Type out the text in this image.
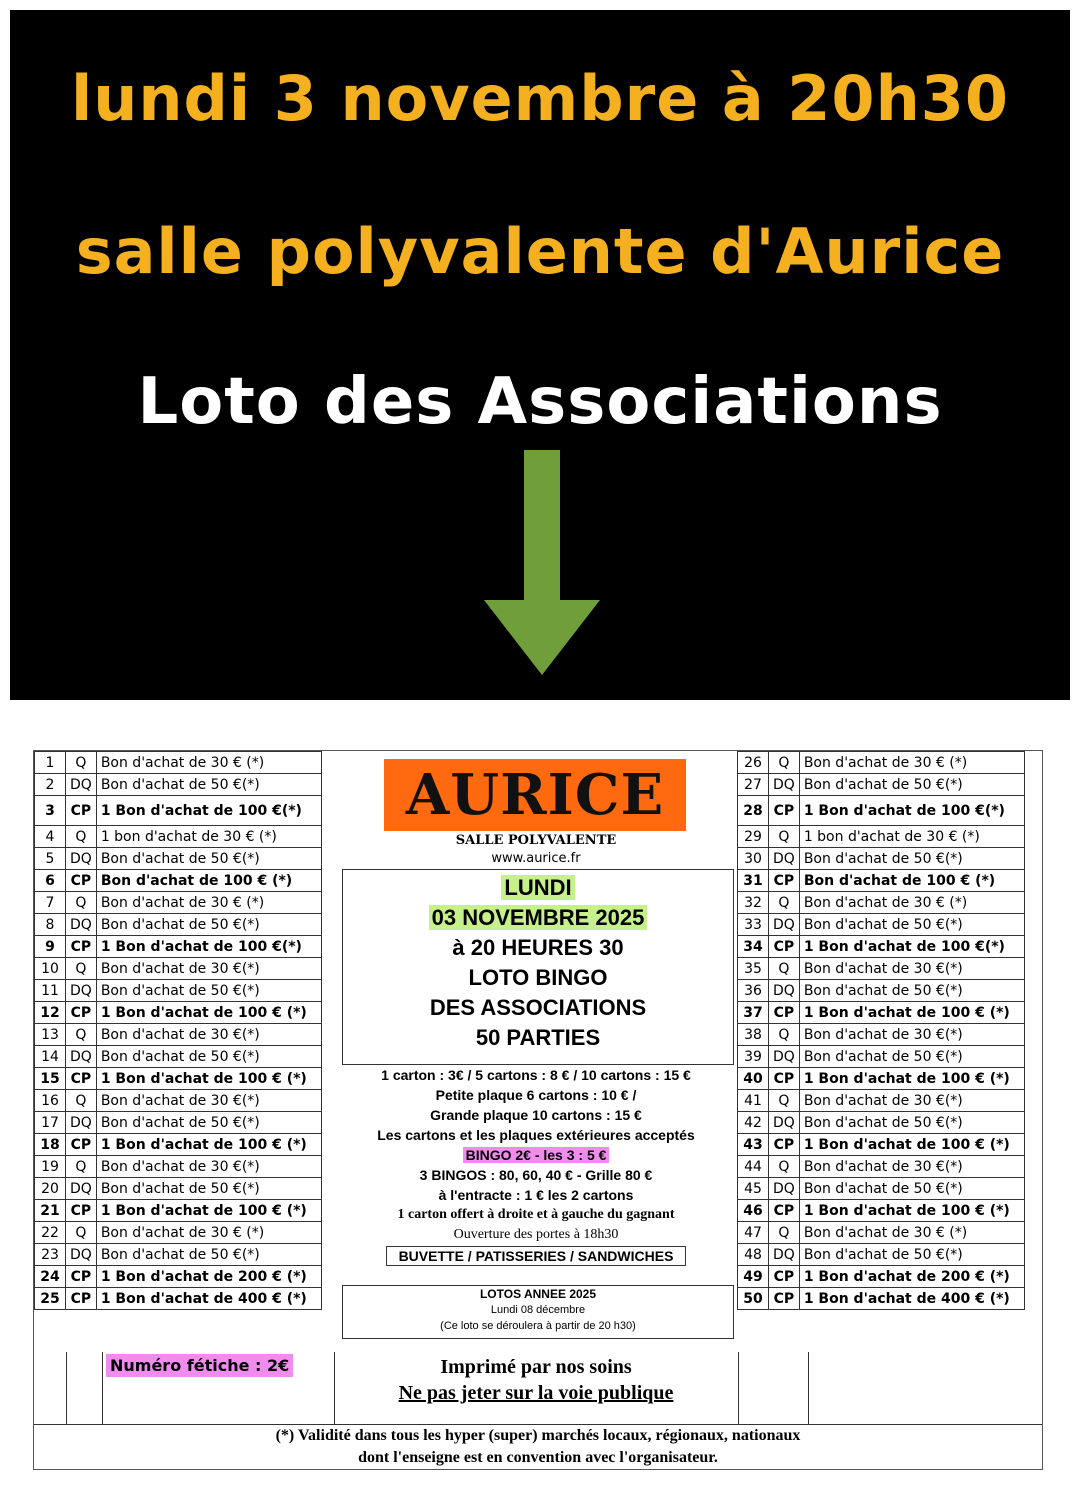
lundi 3 novembre à 20h30
salle polyvalente d'Aurice
Loto des Associations
1	Q	Bon d'achat de 30 € (*)
2	DQ	Bon d'achat de 50 €(*)
3	CP	1 Bon d'achat de 100 €(*)
4	Q	1 bon d'achat de 30 € (*)
5	DQ	Bon d'achat de 50 €(*)
6	CP	Bon d'achat de 100 € (*)
7	Q	Bon d'achat de 30 € (*)
8	DQ	Bon d'achat de 50 €(*)
9	CP	1 Bon d'achat de 100 €(*)
10	Q	Bon d'achat de 30 €(*)
11	DQ	Bon d'achat de 50 €(*)
12	CP	1 Bon d'achat de 100 € (*)
13	Q	Bon d'achat de 30 €(*)
14	DQ	Bon d'achat de 50 €(*)
15	CP	1 Bon d'achat de 100 € (*)
16	Q	Bon d'achat de 30 €(*)
17	DQ	Bon d'achat de 50 €(*)
18	CP	1 Bon d'achat de 100 € (*)
19	Q	Bon d'achat de 30 €(*)
20	DQ	Bon d'achat de 50 €(*)
21	CP	1 Bon d'achat de 100 € (*)
22	Q	Bon d'achat de 30 € (*)
23	DQ	Bon d'achat de 50 €(*)
24	CP	1 Bon d'achat de 200 € (*)
25	CP	1 Bon d'achat de 400 € (*)
26	Q	Bon d'achat de 30 € (*)
27	DQ	Bon d'achat de 50 €(*)
28	CP	1 Bon d'achat de 100 €(*)
29	Q	1 bon d'achat de 30 € (*)
30	DQ	Bon d'achat de 50 €(*)
31	CP	Bon d'achat de 100 € (*)
32	Q	Bon d'achat de 30 € (*)
33	DQ	Bon d'achat de 50 €(*)
34	CP	1 Bon d'achat de 100 €(*)
35	Q	Bon d'achat de 30 €(*)
36	DQ	Bon d'achat de 50 €(*)
37	CP	1 Bon d'achat de 100 € (*)
38	Q	Bon d'achat de 30 €(*)
39	DQ	Bon d'achat de 50 €(*)
40	CP	1 Bon d'achat de 100 € (*)
41	Q	Bon d'achat de 30 €(*)
42	DQ	Bon d'achat de 50 €(*)
43	CP	1 Bon d'achat de 100 € (*)
44	Q	Bon d'achat de 30 €(*)
45	DQ	Bon d'achat de 50 €(*)
46	CP	1 Bon d'achat de 100 € (*)
47	Q	Bon d'achat de 30 € (*)
48	DQ	Bon d'achat de 50 €(*)
49	CP	1 Bon d'achat de 200 € (*)
50	CP	1 Bon d'achat de 400 € (*)
AURICE
SALLE POLYVALENTE
www.aurice.fr
LUNDI
03 NOVEMBRE 2025
à 20 HEURES 30
LOTO BINGO
DES ASSOCIATIONS
50 PARTIES
1 carton : 3€ / 5 cartons : 8 € / 10 cartons : 15 €
Petite plaque 6 cartons : 10 € /
Grande plaque 10 cartons : 15 €
Les cartons et les plaques extérieures acceptés
BINGO 2€ - les 3 : 5 €
3 BINGOS : 80, 60, 40 € - Grille 80 €
à l'entracte : 1 € les 2 cartons
1 carton offert à droite et à gauche du gagnant
Ouverture des portes à 18h30
BUVETTE / PATISSERIES / SANDWICHES
LOTOS ANNEE 2025
Lundi 08 décembre
(Ce loto se déroulera à partir de 20 h30)
Numéro fétiche : 2€	Imprimé par nos soins
Ne pas jeter sur la voie publique
(*) Validité dans tous les hyper (super) marchés locaux, régionaux, nationaux
dont l'enseigne est en convention avec l'organisateur.
